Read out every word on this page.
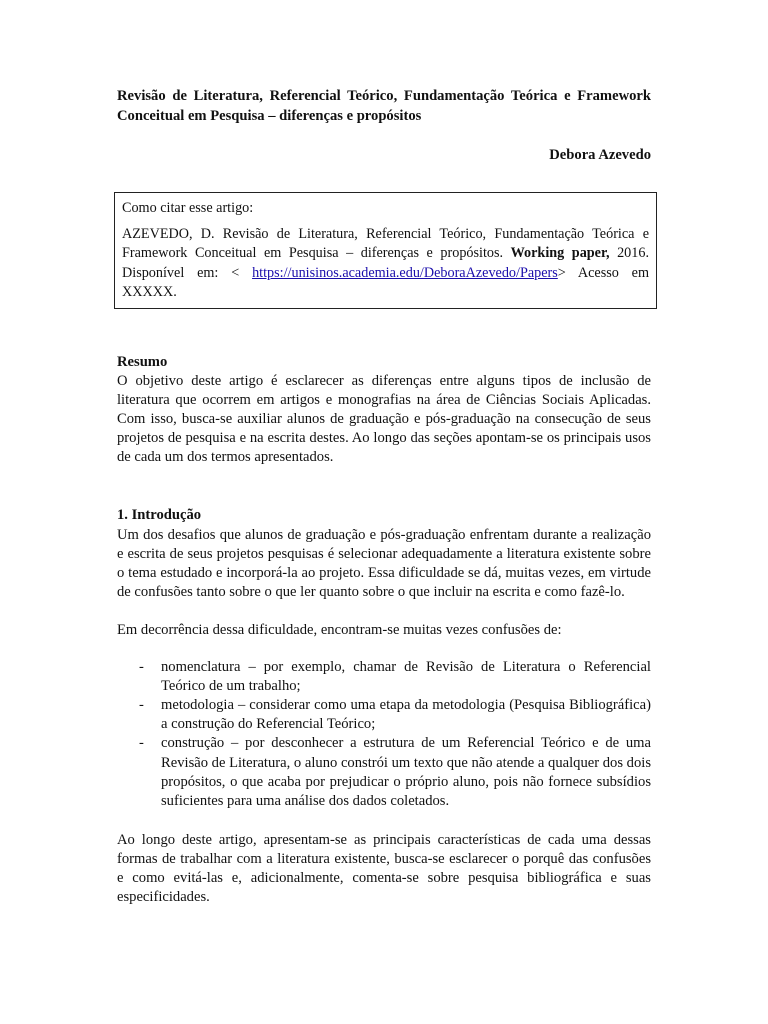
Revisão de Literatura, Referencial Teórico, Fundamentação Teórica e Framework Conceitual em Pesquisa – diferenças e propósitos

Debora Azevedo

Como citar esse artigo:

AZEVEDO, D. Revisão de Literatura, Referencial Teórico, Fundamentação Teórica e Framework Conceitual em Pesquisa – diferenças e propósitos. Working paper, 2016. Disponível em: < https://unisinos.academia.edu/DeboraAzevedo/Papers> Acesso em XXXXX.

Resumo

O objetivo deste artigo é esclarecer as diferenças entre alguns tipos de inclusão de literatura que ocorrem em artigos e monografias na área de Ciências Sociais Aplicadas. Com isso, busca-se auxiliar alunos de graduação e pós-graduação na consecução de seus projetos de pesquisa e na escrita destes. Ao longo das seções apontam-se os principais usos de cada um dos termos apresentados.

1. Introdução

Um dos desafios que alunos de graduação e pós-graduação enfrentam durante a realização e escrita de seus projetos pesquisas é selecionar adequadamente a literatura existente sobre o tema estudado e incorporá-la ao projeto. Essa dificuldade se dá, muitas vezes, em virtude de confusões tanto sobre o que ler quanto sobre o que incluir na escrita e como fazê-lo.

Em decorrência dessa dificuldade, encontram-se muitas vezes confusões de:

- nomenclatura – por exemplo, chamar de Revisão de Literatura o Referencial Teórico de um trabalho;
- metodologia – considerar como uma etapa da metodologia (Pesquisa Bibliográfica) a construção do Referencial Teórico;
- construção – por desconhecer a estrutura de um Referencial Teórico e de uma Revisão de Literatura, o aluno constrói um texto que não atende a qualquer dos dois propósitos, o que acaba por prejudicar o próprio aluno, pois não fornece subsídios suficientes para uma análise dos dados coletados.

Ao longo deste artigo, apresentam-se as principais características de cada uma dessas formas de trabalhar com a literatura existente, busca-se esclarecer o porquê das confusões e como evitá-las e, adicionalmente, comenta-se sobre pesquisa bibliográfica e suas especificidades.
